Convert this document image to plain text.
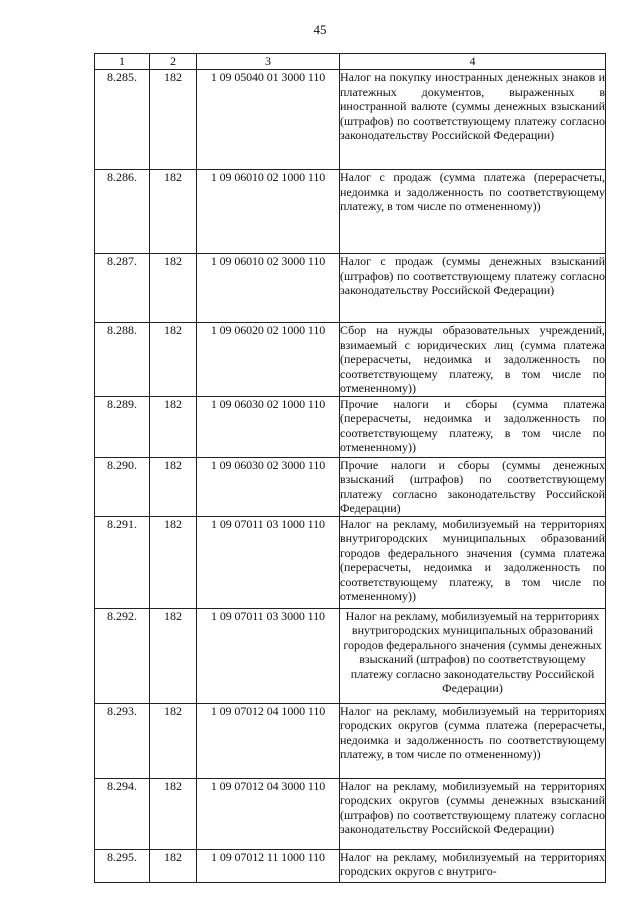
45
1	2	3	4
8.285.	182	1 09 05040 01 3000 110	Налог на покупку иностранных денежных знаков и платежных документов, выраженных в иностранной валюте (суммы денежных взысканий (штрафов) по соответствующему платежу согласно законодательству Российской Федерации)
8.286.	182	1 09 06010 02 1000 110	Налог с продаж (сумма платежа (перерасчеты, недоимка и задолженность по соответствующему платежу, в том числе по отмененному))
8.287.	182	1 09 06010 02 3000 110	Налог с продаж (суммы денежных взысканий (штрафов) по соответствующему платежу согласно законодательству Российской Федерации)
8.288.	182	1 09 06020 02 1000 110	Сбор на нужды образовательных учреждений, взимаемый с юридических лиц (сумма платежа (перерасчеты, недоимка и задолженность по соответствующему платежу, в том числе по отмененному))
8.289.	182	1 09 06030 02 1000 110	Прочие налоги и сборы (сумма платежа (перерасчеты, недоимка и задолженность по соответствующему платежу, в том числе по отмененному))
8.290.	182	1 09 06030 02 3000 110	Прочие налоги и сборы (суммы денежных взысканий (штрафов) по соответствующему платежу согласно законодательству Российской Федерации)
8.291.	182	1 09 07011 03 1000 110	Налог на рекламу, мобилизуемый на территориях внутригородских муниципальных образований городов федерального значения (сумма платежа (перерасчеты, недоимка и задолженность по соответствующему платежу, в том числе по отмененному))
8.292.	182	1 09 07011 03 3000 110	Налог на рекламу, мобилизуемый на территориях внутригородских муниципальных образований городов федерального значения (суммы денежных взысканий (штрафов) по соответствующему платежу согласно законодательству Российской Федерации)
8.293.	182	1 09 07012 04 1000 110	Налог на рекламу, мобилизуемый на территориях городских округов (сумма платежа (перерасчеты, недоимка и задолженность по соответствующему платежу, в том числе по отмененному))
8.294.	182	1 09 07012 04 3000 110	Налог на рекламу, мобилизуемый на территориях городских округов (суммы денежных взысканий (штрафов) по соответствующему платежу согласно законодательству Российской Федерации)
8.295.	182	1 09 07012 11 1000 110	Налог на рекламу, мобилизуемый на территориях городских округов с внутриго-
